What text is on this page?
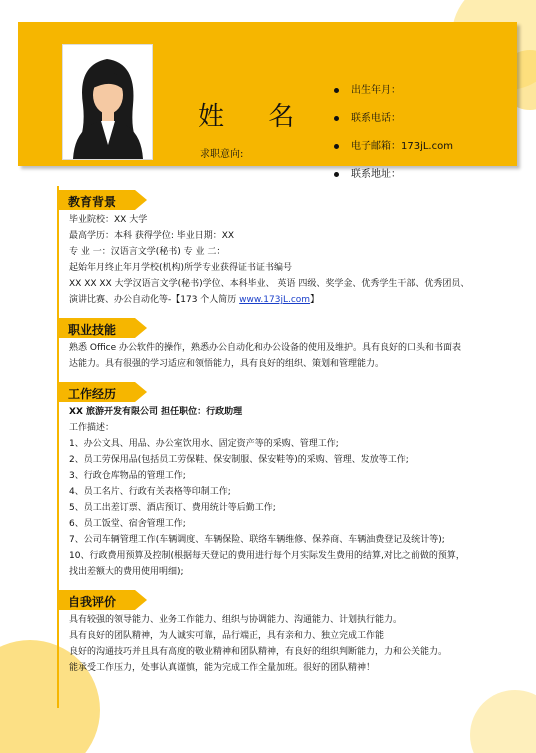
姓 名
求职意向:
出生年月：
联系电话：
电子邮箱：173jL.com
联系地址：
教育背景
毕业院校：XX 大学
最高学历：本科 获得学位: 毕业日期：XX
专 业 一：汉语言文学(秘书) 专 业 二：
起始年月终止年月学校(机构)所学专业获得证书证书编号
XX XX XX 大学汉语言文学(秘书)学位、本科毕业、 英语 四级、奖学金、优秀学生干部、优秀团员、
演讲比赛、办公自动化等-【173 个人简历 www.173jL.com】
职业技能
熟悉 Office 办公软件的操作，熟悉办公自动化和办公设备的使用及维护。具有良好的口头和书面表
达能力。具有很强的学习适应和领悟能力，具有良好的组织、策划和管理能力。
工作经历
XX 旅游开发有限公司 担任职位：行政助理
工作描述：
1、办公文具、用品、办公室饮用水、固定资产等的采购、管理工作;
2、员工劳保用品(包括员工劳保鞋、保安制服、保安鞋等)的采购、管理、发放等工作;
3、行政仓库物品的管理工作;
4、员工名片、行政有关表格等印制工作;
5、员工出差订票、酒店预订、费用统计等后勤工作;
6、员工饭堂、宿舍管理工作;
7、公司车辆管理工作(车辆调度、车辆保险、联络车辆维修、保养商、车辆油费登记及统计等);
10、行政费用预算及控制(根据每天登记的费用进行每个月实际发生费用的结算,对比之前做的预算，
找出差额大的费用使用明细);
自我评价
具有较强的领导能力、业务工作能力、组织与协调能力、沟通能力、计划执行能力。
具有良好的团队精神，为人诚实可靠，品行端正，具有亲和力、独立完成工作能
良好的沟通技巧并且具有高度的敬业精神和团队精神，有良好的组织判断能力，力和公关能力。
能承受工作压力，处事认真谨慎，能为完成工作全量加班。很好的团队精神！
